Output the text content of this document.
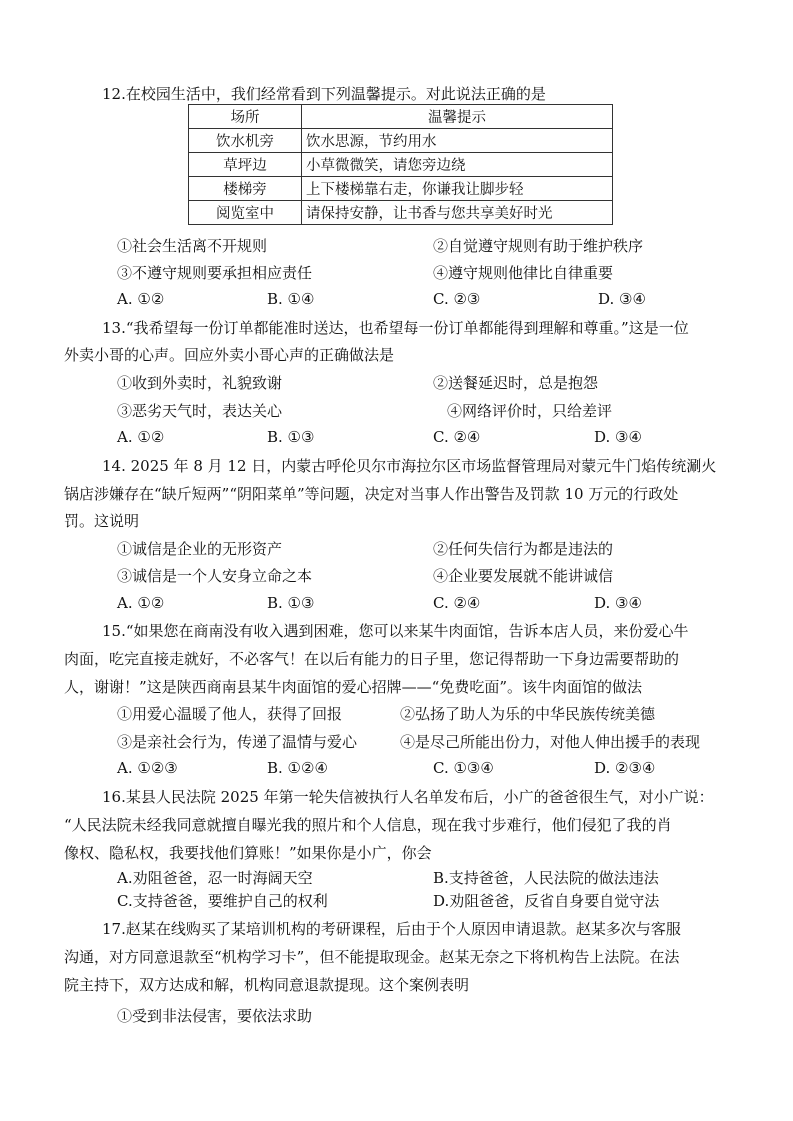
12.在校园生活中，我们经常看到下列温馨提示。对此说法正确的是
场所	温馨提示
饮水机旁	饮水思源，节约用水
草坪边	小草微微笑，请您旁边绕
楼梯旁	上下楼梯靠右走，你谦我让脚步轻
阅览室中	请保持安静，让书香与您共享美好时光
①社会生活离不开规则	②自觉遵守规则有助于维护秩序
③不遵守规则要承担相应责任	④遵守规则他律比自律重要
A. ①②	B. ①④	C. ②③	D. ③④
13.“我希望每一份订单都能准时送达，也希望每一份订单都能得到理解和尊重。”这是一位
外卖小哥的心声。回应外卖小哥心声的正确做法是
①收到外卖时，礼貌致谢	②送餐延迟时，总是抱怨
③恶劣天气时，表达关心	④网络评价时，只给差评
A. ①②	B. ①③	C. ②④	D. ③④
14. 2025 年 8 月 12 日，内蒙古呼伦贝尔市海拉尔区市场监督管理局对蒙元牛门焰传统涮火
锅店涉嫌存在“缺斤短两”“阴阳菜单”等问题，决定对当事人作出警告及罚款 10 万元的行政处
罚。这说明
①诚信是企业的无形资产	②任何失信行为都是违法的
③诚信是一个人安身立命之本	④企业要发展就不能讲诚信
A. ①②	B. ①③	C. ②④	D. ③④
15.“如果您在商南没有收入遇到困难，您可以来某牛肉面馆，告诉本店人员，来份爱心牛
肉面，吃完直接走就好，不必客气！在以后有能力的日子里，您记得帮助一下身边需要帮助的
人，谢谢！”这是陕西商南县某牛肉面馆的爱心招牌——“免费吃面”。该牛肉面馆的做法
①用爱心温暖了他人，获得了回报	②弘扬了助人为乐的中华民族传统美德
③是亲社会行为，传递了温情与爱心	④是尽己所能出份力，对他人伸出援手的表现
A. ①②③	B. ①②④	C. ①③④	D. ②③④
16.某县人民法院 2025 年第一轮失信被执行人名单发布后，小广的爸爸很生气，对小广说：
“人民法院未经我同意就擅自曝光我的照片和个人信息，现在我寸步难行，他们侵犯了我的肖
像权、隐私权，我要找他们算账！”如果你是小广，你会
A.劝阻爸爸，忍一时海阔天空	B.支持爸爸，人民法院的做法违法
C.支持爸爸，要维护自己的权利	D.劝阻爸爸，反省自身要自觉守法
17.赵某在线购买了某培训机构的考研课程，后由于个人原因申请退款。赵某多次与客服
沟通，对方同意退款至“机构学习卡”，但不能提取现金。赵某无奈之下将机构告上法院。在法
院主持下，双方达成和解，机构同意退款提现。这个案例表明
①受到非法侵害，要依法求助
